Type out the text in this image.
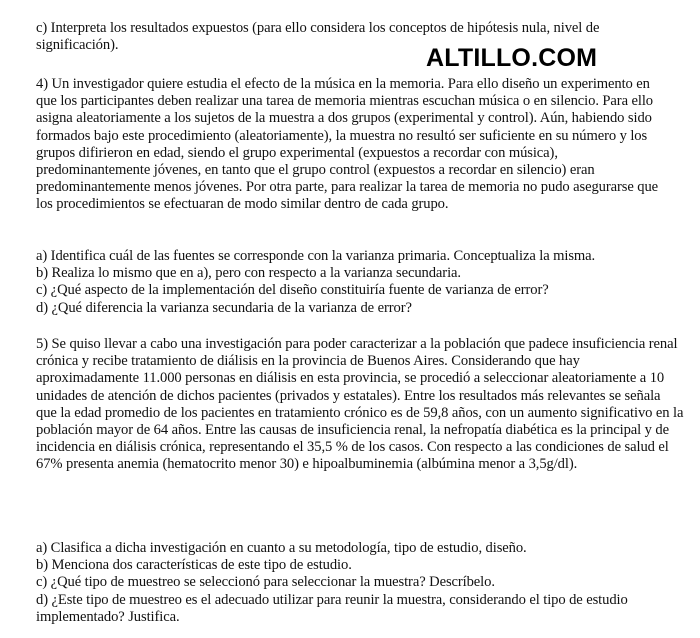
c) Interpreta los resultados expuestos (para ello considera los conceptos de hipótesis nula, nivel de significación).	ALTILLO.COM

4) Un investigador quiere estudia el efecto de la música en la memoria. Para ello diseño un experimento en que los participantes deben realizar una tarea de memoria mientras escuchan música o en silencio. Para ello asigna aleatoriamente a los sujetos de la muestra a dos grupos (experimental y control). Aún, habiendo sido formados bajo este procedimiento (aleatoriamente), la muestra no resultó ser suficiente en su número y los grupos difirieron en edad, siendo el grupo experimental (expuestos a recordar con música), predominantemente jóvenes, en tanto que el grupo control (expuestos a recordar en silencio) eran predominantemente menos jóvenes. Por otra parte, para realizar la tarea de memoria no pudo asegurarse que los procedimientos se efectuaran de modo similar dentro de cada grupo.

a) Identifica cuál de las fuentes se corresponde con la varianza primaria. Conceptualiza la misma.
b) Realiza lo mismo que en a), pero con respecto a la varianza secundaria.
c) ¿Qué aspecto de la implementación del diseño constituiría fuente de varianza de error?
d) ¿Qué diferencia la varianza secundaria de la varianza de error?

5) Se quiso llevar a cabo una investigación para poder caracterizar a la población que padece insuficiencia renal crónica y recibe tratamiento de diálisis en la provincia de Buenos Aires. Considerando que hay aproximadamente 11.000 personas en diálisis en esta provincia, se procedió a seleccionar aleatoriamente a 10 unidades de atención de dichos pacientes (privados y estatales). Entre los resultados más relevantes se señala que la edad promedio de los pacientes en tratamiento crónico es de 59,8 años, con un aumento significativo en la población mayor de 64 años. Entre las causas de insuficiencia renal, la nefropatía diabética es la principal y de incidencia en diálisis crónica, representando el 35,5 % de los casos. Con respecto a las condiciones de salud el 67% presenta anemia (hematocrito menor 30) e hipoalbuminemia (albúmina menor a 3,5g/dl).

a) Clasifica a dicha investigación en cuanto a su metodología, tipo de estudio, diseño.
b) Menciona dos características de este tipo de estudio.
c) ¿Qué tipo de muestreo se seleccionó para seleccionar la muestra? Descríbelo.

d) ¿Este tipo de muestreo es el adecuado utilizar para reunir la muestra, considerando el tipo de estudio implementado? Justifica.
